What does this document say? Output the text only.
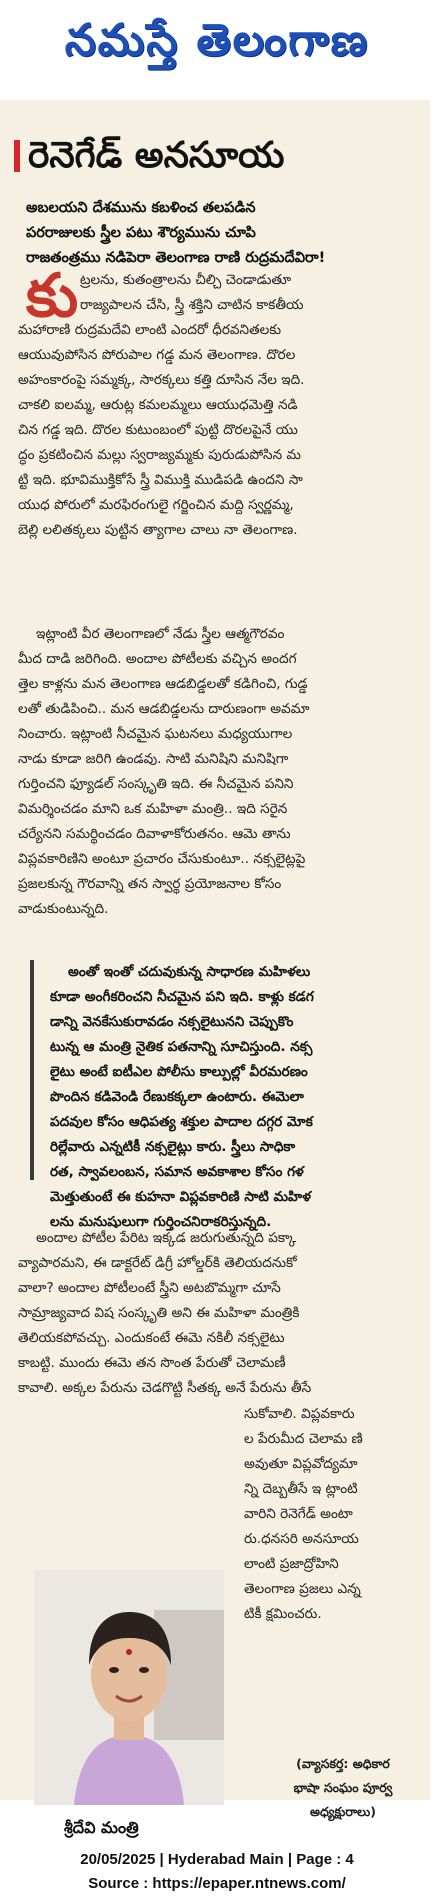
నమస్తే తెలంగాణ
రెనెగేడ్ అనసూయ
అబలయని దేశమును కబళించ తలపడిన
పరరాజులకు స్త్రీల పటు శౌర్యమును చూపి
రాజతంత్రము నడిపెరా తెలంగాణ రాణి రుద్రమదేవిరా!
కు ట్రలను, కుతంత్రాలను చీల్చి చెండాడుతూ
రాజ్యపాలన చేసి, స్త్రీ శక్తిని చాటిన కాకతీయ
మహారాణి రుద్రమదేవి లాంటి ఎందరో ధీరవనితలకు
ఆయువుపోసిన పోరుపాల గడ్డ మన తెలంగాణ. దొరల
అహంకారంపై సమ్మక్క, సారక్కలు కత్తి దూసిన నేల ఇది.
చాకలి ఐలమ్మ, ఆరుట్ల కమలమ్మలు ఆయుధమెత్తి నడి
చిన గడ్డ ఇది. దొరల కుటుంబంలో పుట్టి దొరలపైనే యు
ద్ధం ప్రకటించిన మల్లు స్వరాజ్యమ్మకు పురుడుపోసిన మ
ట్టి ఇది. భూవిముక్తికోసే స్త్రీ విముక్తి ముడిపడి ఉందని సా
యుధ పోరులో మరఫిరంగులై గర్జించిన మద్ది స్వర్ణమ్మ,
బెల్లి లలితక్కలు పుట్టిన త్యాగాల చాలు నా తెలంగాణ.
ఇట్లాంటి వీర తెలంగాణలో నేడు స్త్రీల ఆత్మగౌరవం
మీద దాడి జరిగింది. అందాల పోటీలకు వచ్చిన అందగ
త్తెల కాళ్లను మన తెలంగాణ ఆడబిడ్డలతో కడిగించి, గుడ్డ
లతో తుడిపించి.. మన ఆడబిడ్డలను దారుణంగా అవమా
నించారు. ఇట్లాంటి నీచమైన ఘటనలు మధ్యయుగాల
నాడు కూడా జరిగి ఉండవు. సాటి మనిషిని మనిషిగా
గుర్తించని ఫ్యూడల్ సంస్కృతి ఇది. ఈ నీచమైన పనిని
విమర్శించడం మాని ఒక మహిళా మంత్రి.. ఇది సరైన
చర్యేనని సమర్థించడం దివాళాకోరుతనం. ఆమె తాను
విప్లవకారిణిని అంటూ ప్రచారం చేసుకుంటూ.. నక్సలైట్లపై
ప్రజలకున్న గౌరవాన్ని తన స్వార్థ ప్రయోజనాల కోసం
వాడుకుంటున్నది.
అంతో ఇంతో చదువుకున్న సాధారణ మహిళలు
కూడా అంగీకరించని నీచమైన పని ఇది. కాళ్లు కడగ
డాన్ని వెనకేసుకురావడం నక్సలైటునని చెప్పుకొం
టున్న ఆ మంత్రి నైతిక పతనాన్ని సూచిస్తుంది. నక్స
లైటు అంటే ఐటీఎల పోలీసు కాల్పుల్లో వీరమరణం
పొందిన కడివెండి రేణుకక్కలా ఉంటారు. ఈమెలా
పదవుల కోసం ఆధిపత్య శక్తుల పాదాల దగ్గర మోక
రిల్లేవారు ఎన్నటికీ నక్సలైట్లు కారు. స్త్రీలు సాధికా
రత, స్వావలంబన, సమాన అవకాశాల కోసం గళ
మెత్తుతుంటే ఈ కుహనా విప్లవకారిణి సాటి మహిళ
లను మనుషులుగా గుర్తించనిరాకరిస్తున్నది.
అందాల పోటీల పేరిట ఇక్కడ జరుగుతున్నది పక్కా
వ్యాపారమని, ఈ డాక్టరేట్ డిగ్రీ హోల్డర్‌కి తెలియదనుకో
వాలా? అందాల పోటీలంటే స్త్రీని అటబొమ్మగా చూసే
సామ్రాజ్యవాద విష సంస్కృతి అని ఈ మహిళా మంత్రికి
తెలియకపోవచ్చు. ఎందుకంటే ఈమె నకిలీ నక్సలైటు
కాబట్టి. ముందు ఈమె తన సొంత పేరుతో చెలామణీ
కావాలి. అక్కల పేరును చెడగొట్టి సీతక్క అనే పేరును తీసే
సుకోవాలి. విప్లవకారు
ల పేరుమీద చెలామ ణి
అవుతూ విప్లవోద్యమా
న్ని దెబ్బతీసే ఇ ట్లాంటి
వారిని రెనెగేడ్ అంటా
రు.ధనసరి అనసూయ
లాంటి ప్రజాద్రోహిని
తెలంగాణ ప్రజలు ఎన్న
టికీ క్షమించరు.
శ్రీదేవి మంత్రి
(వ్యాసకర్త: అధికార
భాషా సంఘం పూర్వ
అధ్యక్షురాలు)
20/05/2025 | Hyderabad Main | Page : 4
Source : https://epaper.ntnews.com/
